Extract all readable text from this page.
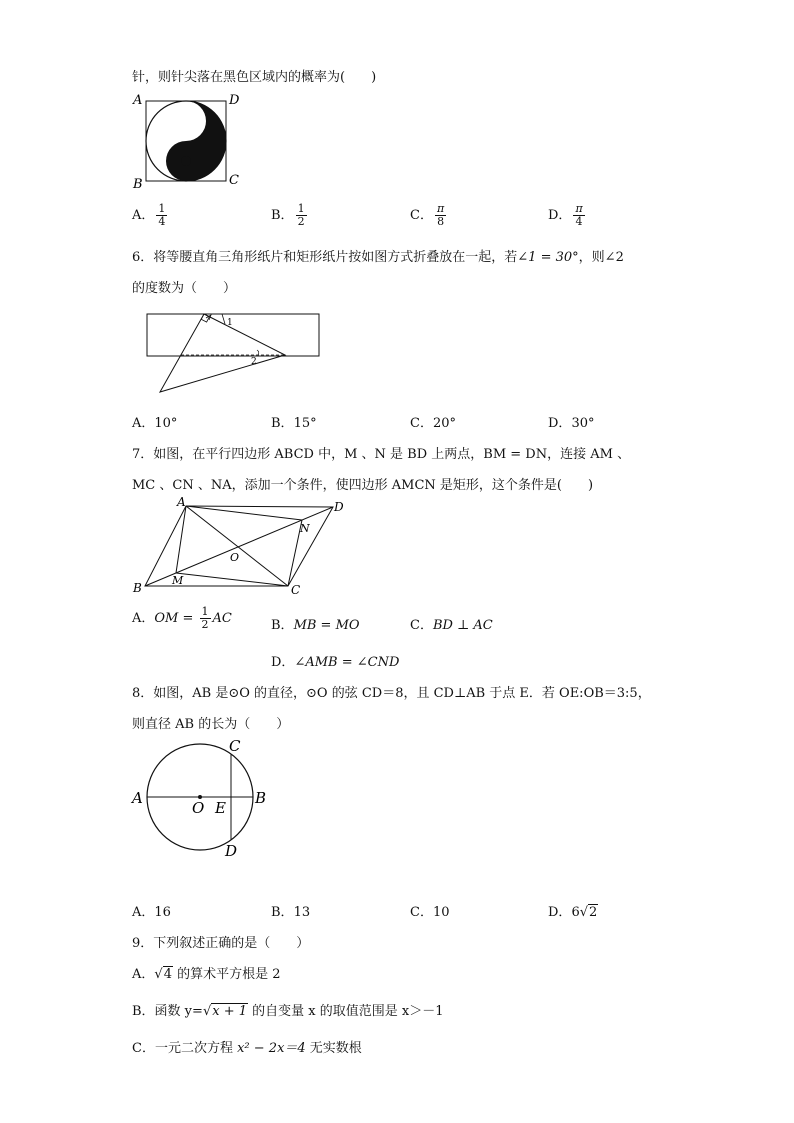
针，则针尖落在黑色区域内的概率为(　　)
A	D
B	C
A． $\frac{1}{4}$	B． $\frac{1}{2}$	C． $\frac{\pi}{8}$	D． $\frac{\pi}{4}$
6．将等腰直角三角形纸片和矩形纸片按如图方式折叠放在一起，若∠1 = 30°，则∠2
的度数为（　　）
1
2
A．10°	B．15°	C．20°	D．30°
7．如图，在平行四边形 ABCD 中，M 、N 是 BD 上两点，BM = DN，连接 AM 、
MC 、CN 、NA，添加一个条件，使四边形 AMCN 是矩形，这个条件是(　　)
A	D
B	C
M
N
O
A．OM = $\frac{1}{2}$ AC	B．MB = MO	C．BD ⊥ AC
D．∠AMB = ∠CND
8．如图，AB 是⊙O 的直径，⊙O 的弦 CD＝8，且 CD⊥AB 于点 E．若 OE:OB＝3:5，
则直径 AB 的长为（　　）
A	B
C
D
O E
A．16	B．13	C．10	D．6√2
9．下列叙述正确的是（　　）
A．√4 的算术平方根是 2
B．函数 y=√x + 1 的自变量 x 的取值范围是 x＞－1
C．一元二次方程 x² − 2x＝4 无实数根
